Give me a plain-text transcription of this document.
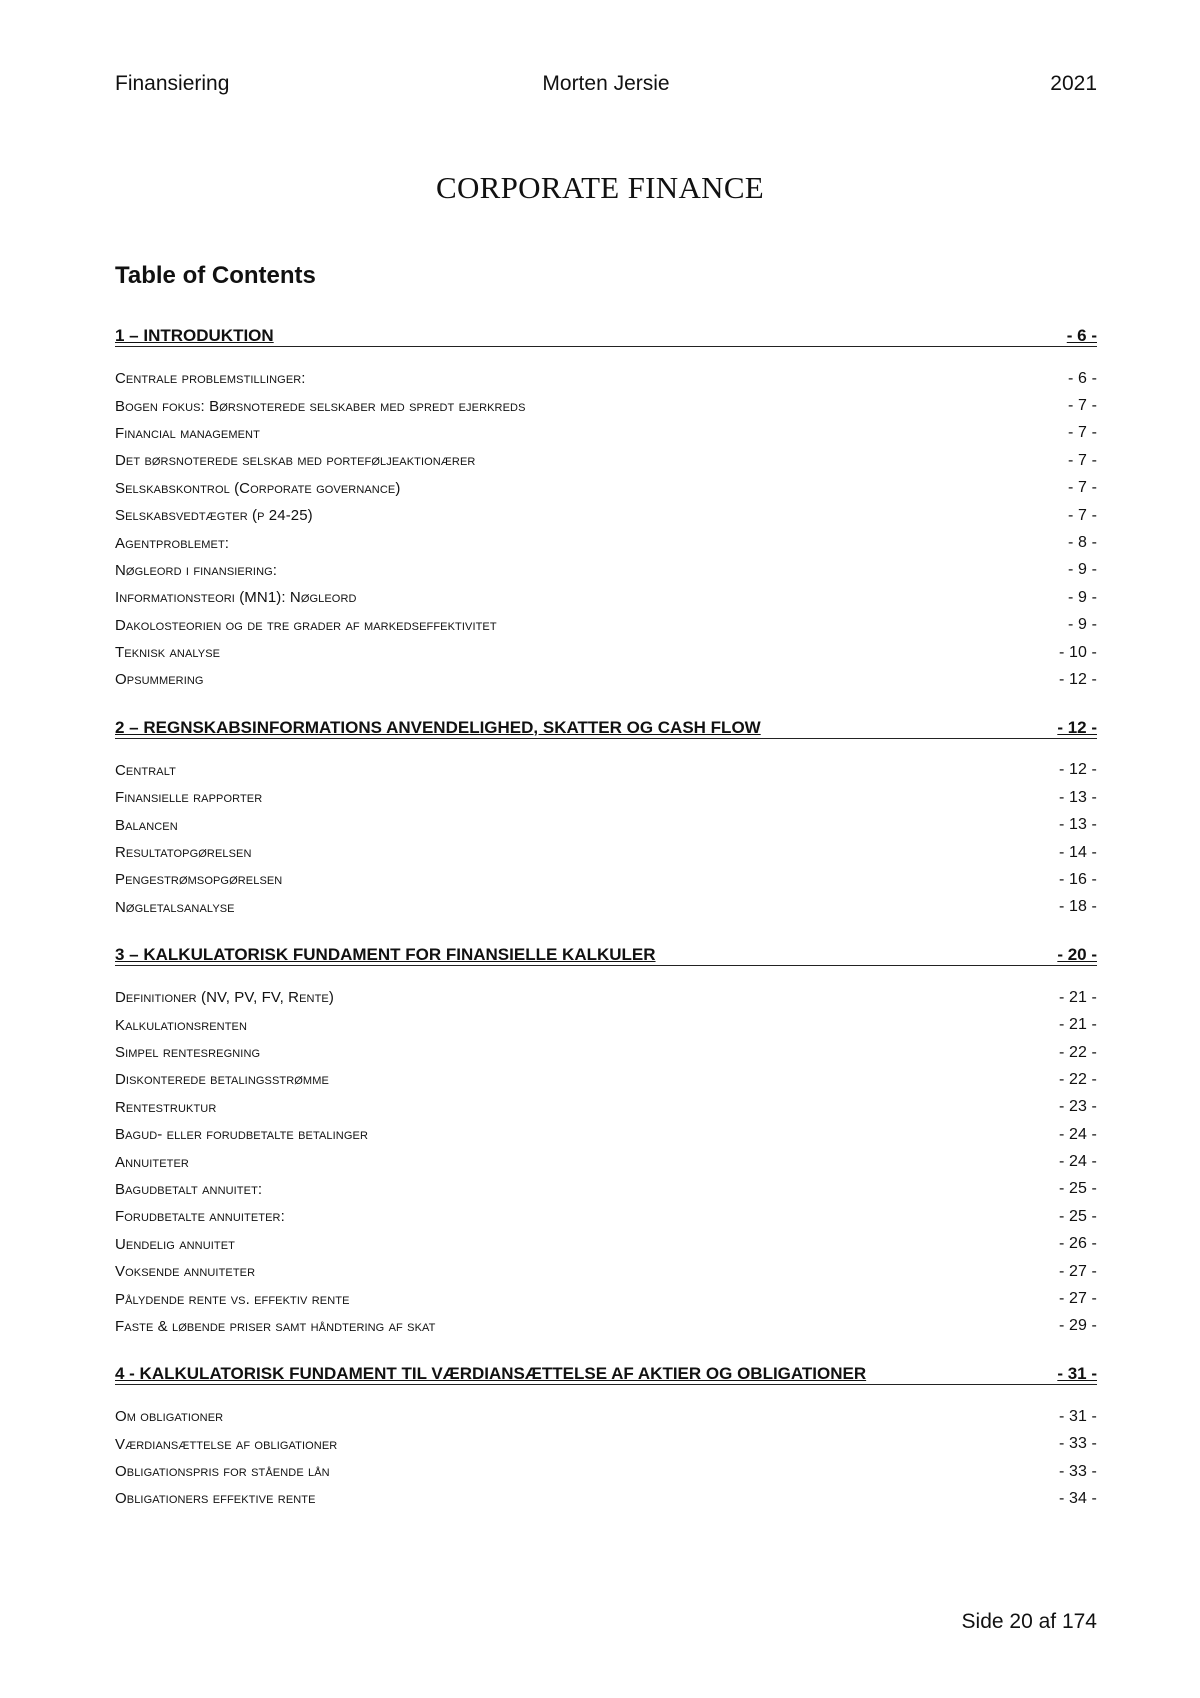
Finansiering	Morten Jersie	2021
CORPORATE FINANCE
Table of Contents
1 – INTRODUKTION	- 6 -
Centrale problemstillinger:	- 6 -
Bogen fokus: Børsnoterede selskaber med spredt ejerkreds	- 7 -
Financial management	- 7 -
Det børsnoterede selskab med porteføljeaktionærer	- 7 -
Selskabskontrol (Corporate governance)	- 7 -
Selskabsvedtægter (p 24-25)	- 7 -
Agentproblemet:	- 8 -
Nøgleord i finansiering:	- 9 -
Informationsteori (MN1): Nøgleord	- 9 -
Dakolosteorien og de tre grader af markedseffektivitet	- 9 -
Teknisk analyse	- 10 -
Opsummering	- 12 -
2 – REGNSKABSINFORMATIONS ANVENDELIGHED, SKATTER OG CASH FLOW	- 12 -
Centralt	- 12 -
Finansielle rapporter	- 13 -
Balancen	- 13 -
Resultatopgørelsen	- 14 -
Pengestrømsopgørelsen	- 16 -
Nøgletalsanalyse	- 18 -
3 – KALKULATORISK FUNDAMENT FOR FINANSIELLE KALKULER	- 20 -
Definitioner (NV, PV, FV, Rente)	- 21 -
Kalkulationsrenten	- 21 -
Simpel rentesregning	- 22 -
Diskonterede betalingsstrømme	- 22 -
Rentestruktur	- 23 -
Bagud- eller forudbetalte betalinger	- 24 -
Annuiteter	- 24 -
Bagudbetalt annuitet:	- 25 -
Forudbetalte annuiteter:	- 25 -
Uendelig annuitet	- 26 -
Voksende annuiteter	- 27 -
Pålydende rente vs. effektiv rente	- 27 -
Faste & løbende priser samt håndtering af skat	- 29 -
4 - KALKULATORISK FUNDAMENT TIL VÆRDIANSÆTTELSE AF AKTIER OG OBLIGATIONER	- 31 -
Om obligationer	- 31 -
Værdiansættelse af obligationer	- 33 -
Obligationspris for stående lån	- 33 -
Obligationers effektive rente	- 34 -
Side 20 af 174
